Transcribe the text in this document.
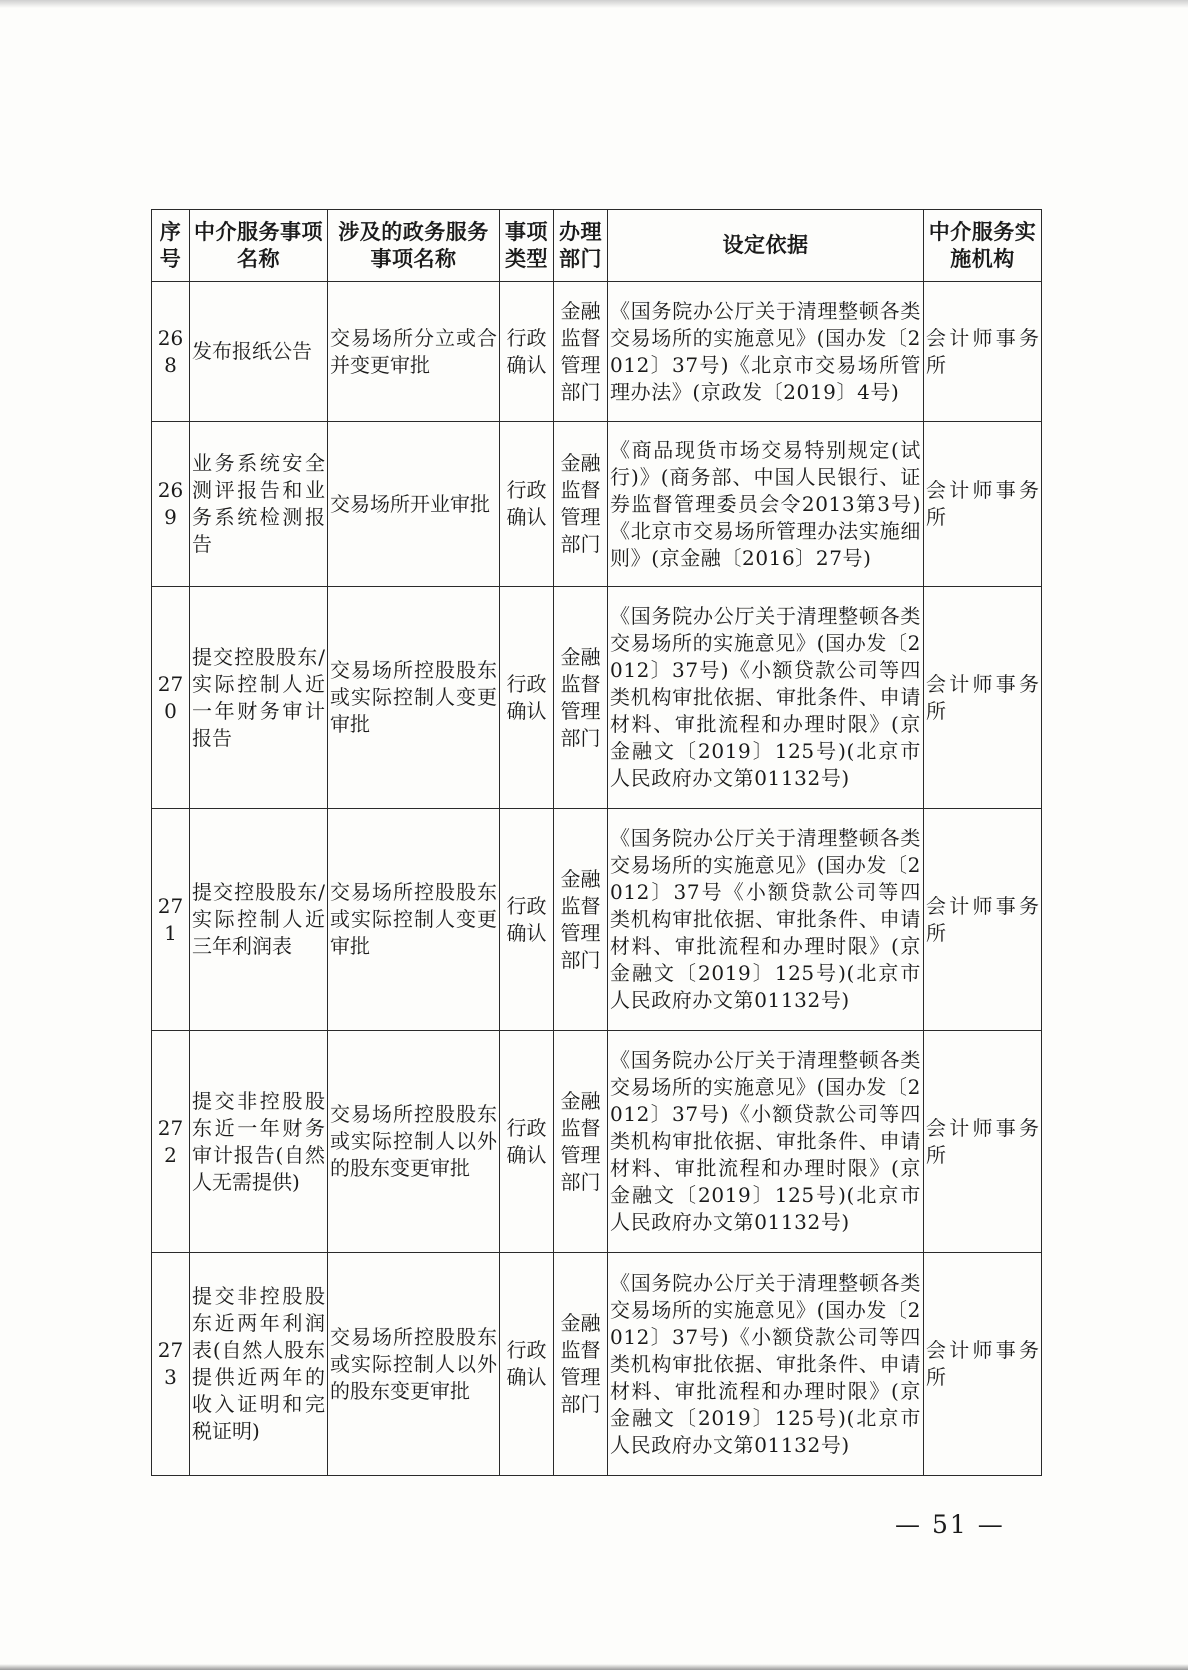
序号	中介服务事项名称	涉及的政务服务事项名称	事项类型	办理部门	设定依据	中介服务实施机构
268	发布报纸公告	交易场所分立或合并变更审批	行政确认	金融监督管理部门	《国务院办公厅关于清理整顿各类交易场所的实施意见》(国办发〔2012〕37号)《北京市交易场所管理办法》(京政发〔2019〕4号)	会计师事务所
269	业务系统安全测评报告和业务系统检测报告	交易场所开业审批	行政确认	金融监督管理部门	《商品现货市场交易特别规定(试行)》(商务部、中国人民银行、证券监督管理委员会令2013第3号)《北京市交易场所管理办法实施细则》(京金融〔2016〕27号)	会计师事务所
270	提交控股股东/实际控制人近一年财务审计报告	交易场所控股股东或实际控制人变更审批	行政确认	金融监督管理部门	《国务院办公厅关于清理整顿各类交易场所的实施意见》(国办发〔2012〕37号)《小额贷款公司等四类机构审批依据、审批条件、申请材料、审批流程和办理时限》(京金融文〔2019〕125号)(北京市人民政府办文第01132号)	会计师事务所
271	提交控股股东/实际控制人近三年利润表	交易场所控股股东或实际控制人变更审批	行政确认	金融监督管理部门	《国务院办公厅关于清理整顿各类交易场所的实施意见》(国办发〔2012〕37号《小额贷款公司等四类机构审批依据、审批条件、申请材料、审批流程和办理时限》(京金融文〔2019〕125号)(北京市人民政府办文第01132号)	会计师事务所
272	提交非控股股东近一年财务审计报告(自然人无需提供)	交易场所控股股东或实际控制人以外的股东变更审批	行政确认	金融监督管理部门	《国务院办公厅关于清理整顿各类交易场所的实施意见》(国办发〔2012〕37号)《小额贷款公司等四类机构审批依据、审批条件、申请材料、审批流程和办理时限》(京金融文〔2019〕125号)(北京市人民政府办文第01132号)	会计师事务所
273	提交非控股股东近两年利润表(自然人股东提供近两年的收入证明和完税证明)	交易场所控股股东或实际控制人以外的股东变更审批	行政确认	金融监督管理部门	《国务院办公厅关于清理整顿各类交易场所的实施意见》(国办发〔2012〕37号)《小额贷款公司等四类机构审批依据、审批条件、申请材料、审批流程和办理时限》(京金融文〔2019〕125号)(北京市人民政府办文第01132号)	会计师事务所
— 51 —
